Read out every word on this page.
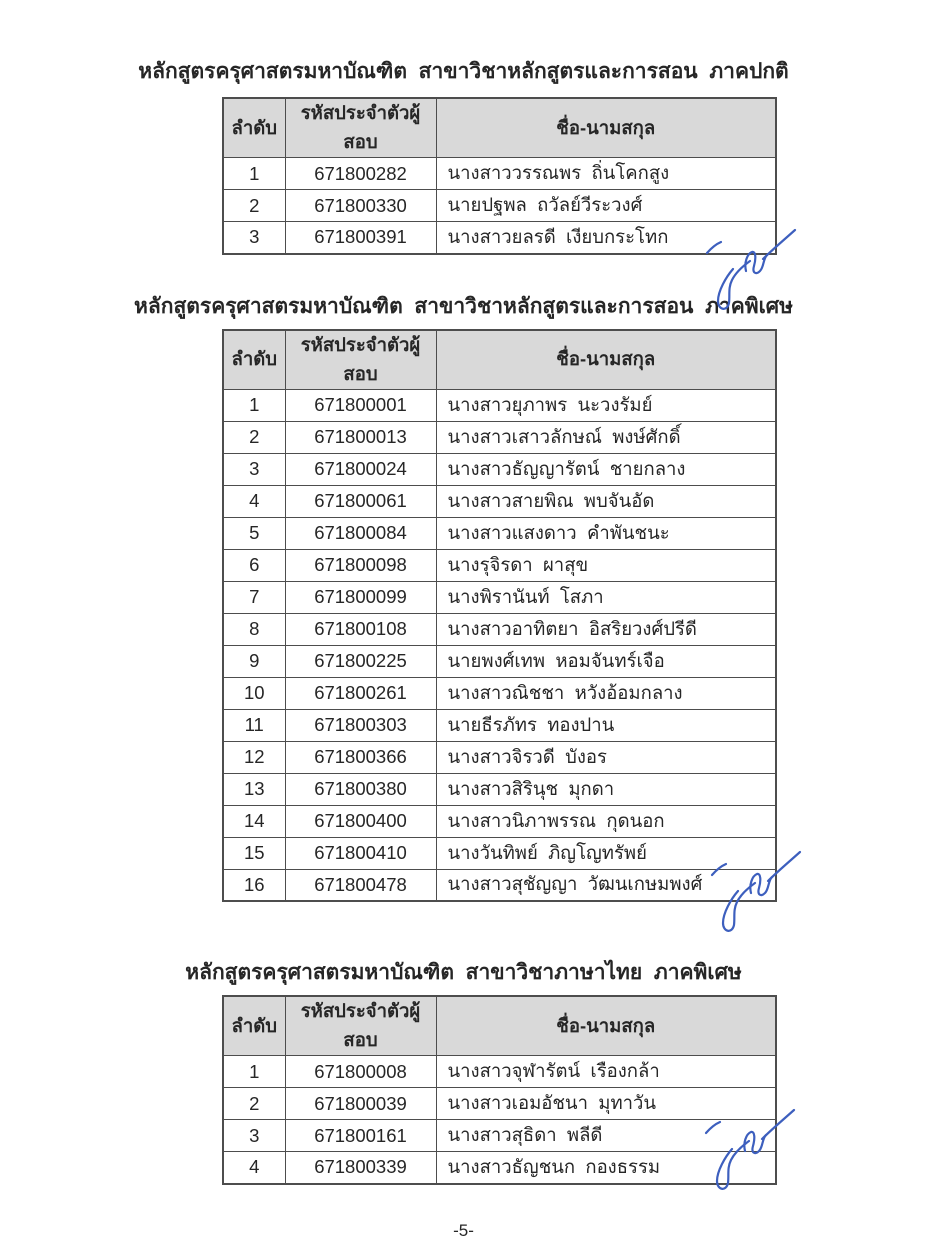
หลักสูตรครุศาสตรมหาบัณฑิต  สาขาวิชาหลักสูตรและการสอน  ภาคปกติ
ลำดับ	รหัสประจำตัวผู้สอบ	ชื่อ-นามสกุล
1	671800282	นางสาววรรณพร  ถิ่นโคกสูง
2	671800330	นายปฐพล  ถวัลย์วีระวงศ์
3	671800391	นางสาวยลรดี  เงียบกระโทก
หลักสูตรครุศาสตรมหาบัณฑิต  สาขาวิชาหลักสูตรและการสอน  ภาคพิเศษ
ลำดับ	รหัสประจำตัวผู้สอบ	ชื่อ-นามสกุล
1	671800001	นางสาวยุภาพร  นะวงรัมย์
2	671800013	นางสาวเสาวลักษณ์  พงษ์ศักดิ์
3	671800024	นางสาวธัญญารัตน์  ชายกลาง
4	671800061	นางสาวสายพิณ  พบจันอัด
5	671800084	นางสาวแสงดาว  คำพันชนะ
6	671800098	นางรุจิรดา  ผาสุข
7	671800099	นางพิรานันท์  โสภา
8	671800108	นางสาวอาทิตยา  อิสริยวงศ์ปรีดี
9	671800225	นายพงศ์เทพ  หอมจันทร์เจือ
10	671800261	นางสาวณิชชา  หวังอ้อมกลาง
11	671800303	นายธีรภัทร  ทองปาน
12	671800366	นางสาวจิรวดี  บังอร
13	671800380	นางสาวสิรินุช  มุกดา
14	671800400	นางสาวนิภาพรรณ  กุดนอก
15	671800410	นางวันทิพย์  ภิญโญทรัพย์
16	671800478	นางสาวสุชัญญา  วัฒนเกษมพงศ์
หลักสูตรครุศาสตรมหาบัณฑิต  สาขาวิชาภาษาไทย  ภาคพิเศษ
ลำดับ	รหัสประจำตัวผู้สอบ	ชื่อ-นามสกุล
1	671800008	นางสาวจุฬารัตน์  เรืองกล้า
2	671800039	นางสาวเอมอัชนา  มุทาวัน
3	671800161	นางสาวสุธิดา  พลีดี
4	671800339	นางสาวธัญชนก  กองธรรม
-5-
